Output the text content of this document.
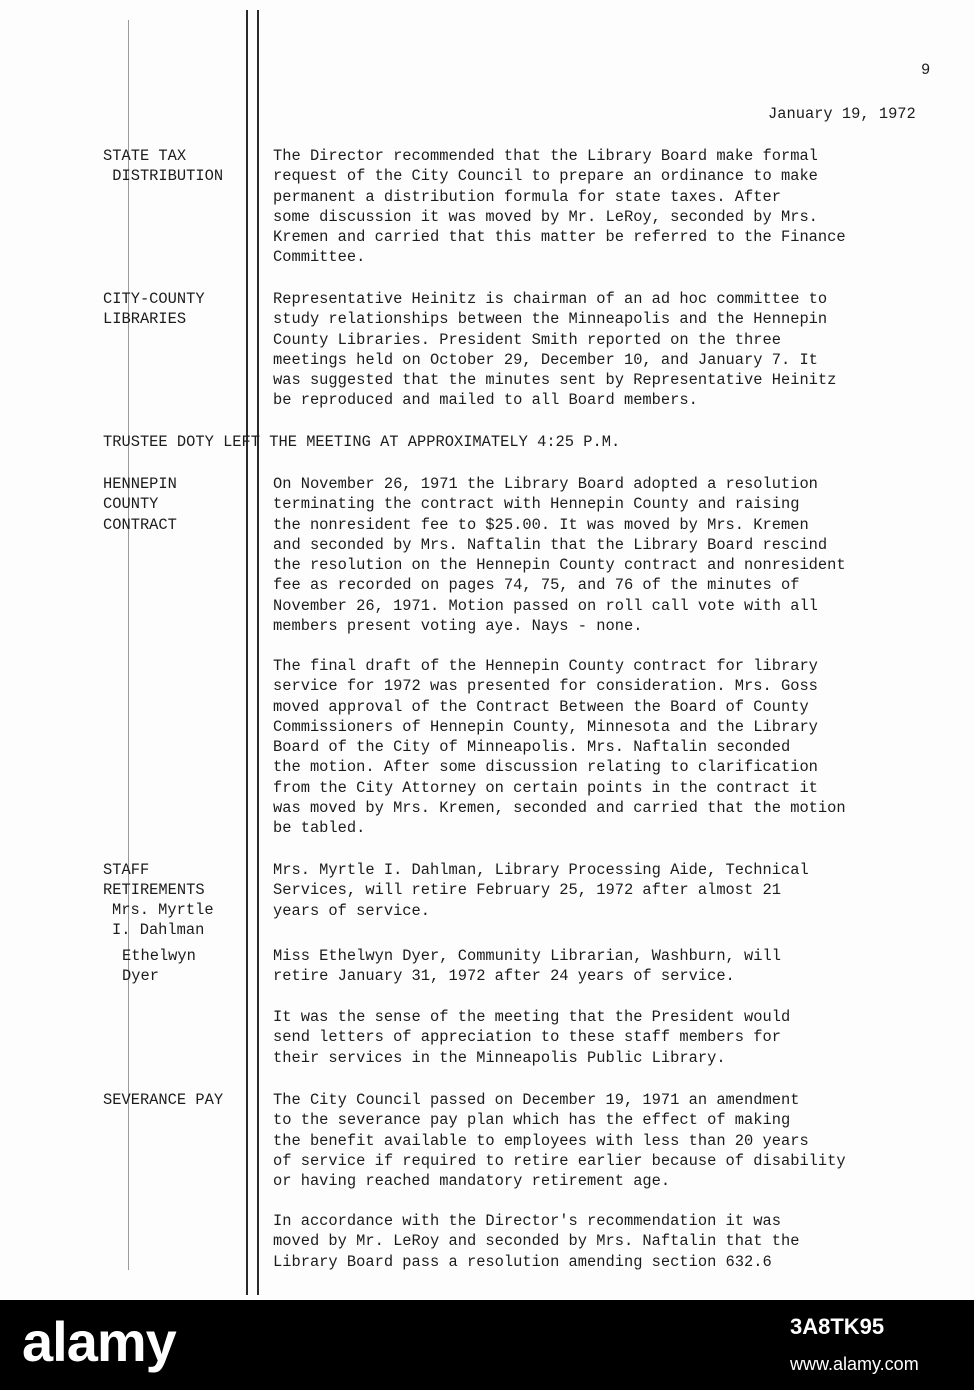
9
January 19, 1972
STATE TAX
DISTRIBUTION
The Director recommended that the Library Board make formal
request of the City Council to prepare an ordinance to make
permanent a distribution formula for state taxes. After
some discussion it was moved by Mr. LeRoy, seconded by Mrs.
Kremen and carried that this matter be referred to the Finance
Committee.
CITY-COUNTY
LIBRARIES
Representative Heinitz is chairman of an ad hoc committee to
study relationships between the Minneapolis and the Hennepin
County Libraries. President Smith reported on the three
meetings held on October 29, December 10, and January 7. It
was suggested that the minutes sent by Representative Heinitz
be reproduced and mailed to all Board members.
TRUSTEE DOTY LEFT THE MEETING AT APPROXIMATELY 4:25 P.M.
HENNEPIN
COUNTY
CONTRACT
On November 26, 1971 the Library Board adopted a resolution
terminating the contract with Hennepin County and raising
the nonresident fee to $25.00. It was moved by Mrs. Kremen
and seconded by Mrs. Naftalin that the Library Board rescind
the resolution on the Hennepin County contract and nonresident
fee as recorded on pages 74, 75, and 76 of the minutes of
November 26, 1971. Motion passed on roll call vote with all
members present voting aye. Nays - none.
The final draft of the Hennepin County contract for library
service for 1972 was presented for consideration. Mrs. Goss
moved approval of the Contract Between the Board of County
Commissioners of Hennepin County, Minnesota and the Library
Board of the City of Minneapolis. Mrs. Naftalin seconded
the motion. After some discussion relating to clarification
from the City Attorney on certain points in the contract it
was moved by Mrs. Kremen, seconded and carried that the motion
be tabled.
STAFF
RETIREMENTS
Mrs. Myrtle
I. Dahlman
Mrs. Myrtle I. Dahlman, Library Processing Aide, Technical
Services, will retire February 25, 1972 after almost 21
years of service.
Ethelwyn
Dyer
Miss Ethelwyn Dyer, Community Librarian, Washburn, will
retire January 31, 1972 after 24 years of service.
It was the sense of the meeting that the President would
send letters of appreciation to these staff members for
their services in the Minneapolis Public Library.
SEVERANCE PAY	The City Council passed on December 19, 1971 an amendment
to the severance pay plan which has the effect of making
the benefit available to employees with less than 20 years
of service if required to retire earlier because of disability
or having reached mandatory retirement age.
In accordance with the Director's recommendation it was
moved by Mr. LeRoy and seconded by Mrs. Naftalin that the
Library Board pass a resolution amending section 632.6
alamy	3A8TK95
www.alamy.com
